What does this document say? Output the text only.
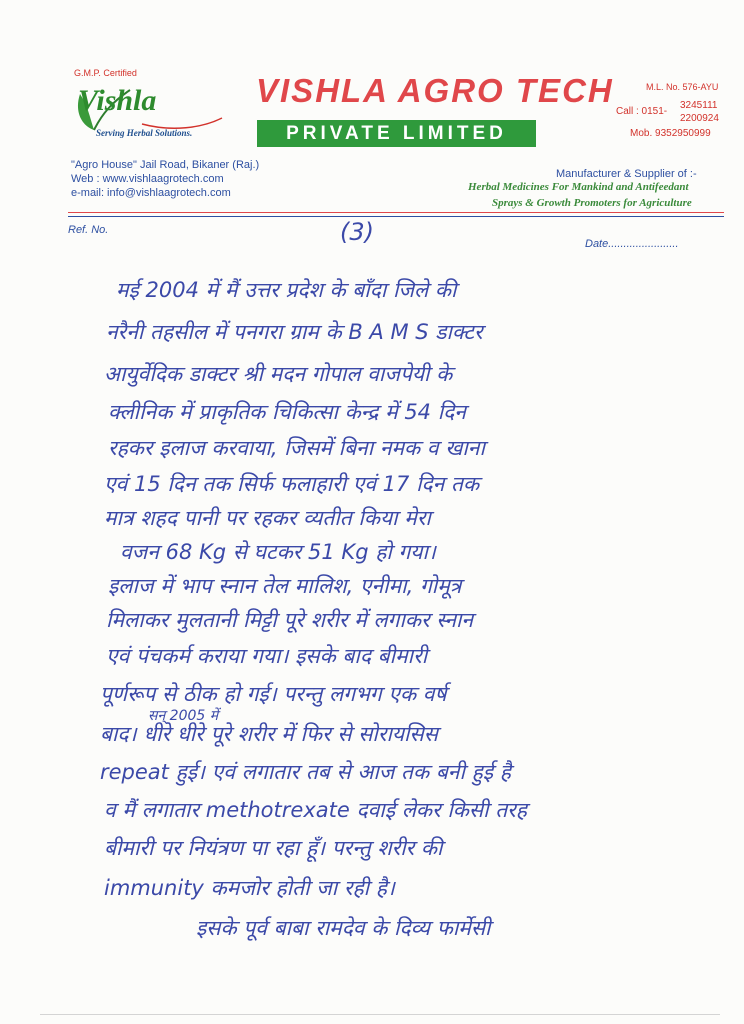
G.M.P. Certified
Vishla
Serving Herbal Solutions.
VISHLA AGRO TECH
PRIVATE LIMITED
M.L. No. 576-AYU
Call : 0151-
3245111
2200924
Mob. 9352950999
"Agro House" Jail Road, Bikaner (Raj.)
Web : www.vishlaagrotech.com
e-mail: info@vishlaagrotech.com
Manufacturer & Supplier of :-
Herbal Medicines For Mankind and Antifeedant
Sprays & Growth Promoters for Agriculture
Ref. No.
Date.......................
(3)
मई 2004 में मैं उत्तर प्रदेश के बाँदा जिले की
नरैनी तहसील में पनगरा ग्राम के B A M S डाक्टर
आयुर्वेदिक डाक्टर श्री मदन गोपाल वाजपेयी के
क्लीनिक में प्राकृतिक चिकित्सा केन्द्र में 54 दिन
रहकर इलाज करवाया, जिसमें बिना नमक व खाना
एवं 15 दिन तक सिर्फ फलाहारी एवं 17 दिन तक
मात्र शहद पानी पर रहकर व्यतीत किया मेरा
वजन 68 Kg से घटकर 51 Kg हो गया।
इलाज में भाप स्नान तेल मालिश, एनीमा, गोमूत्र
मिलाकर मुलतानी मिट्टी पूरे शरीर में लगाकर स्नान
एवं पंचकर्म कराया गया। इसके बाद बीमारी
पूर्णरूप से ठीक हो गई। परन्तु लगभग एक वर्ष
सन् 2005 में
बाद। धीरे धीरे पूरे शरीर में फिर से सोरायसिस
repeat हुई। एवं लगातार तब से आज तक बनी हुई है
व मैं लगातार methotrexate दवाई लेकर किसी तरह
बीमारी पर नियंत्रण पा रहा हूँ। परन्तु शरीर की
immunity कमजोर होती जा रही है।
इसके पूर्व बाबा रामदेव के दिव्य फार्मेसी
